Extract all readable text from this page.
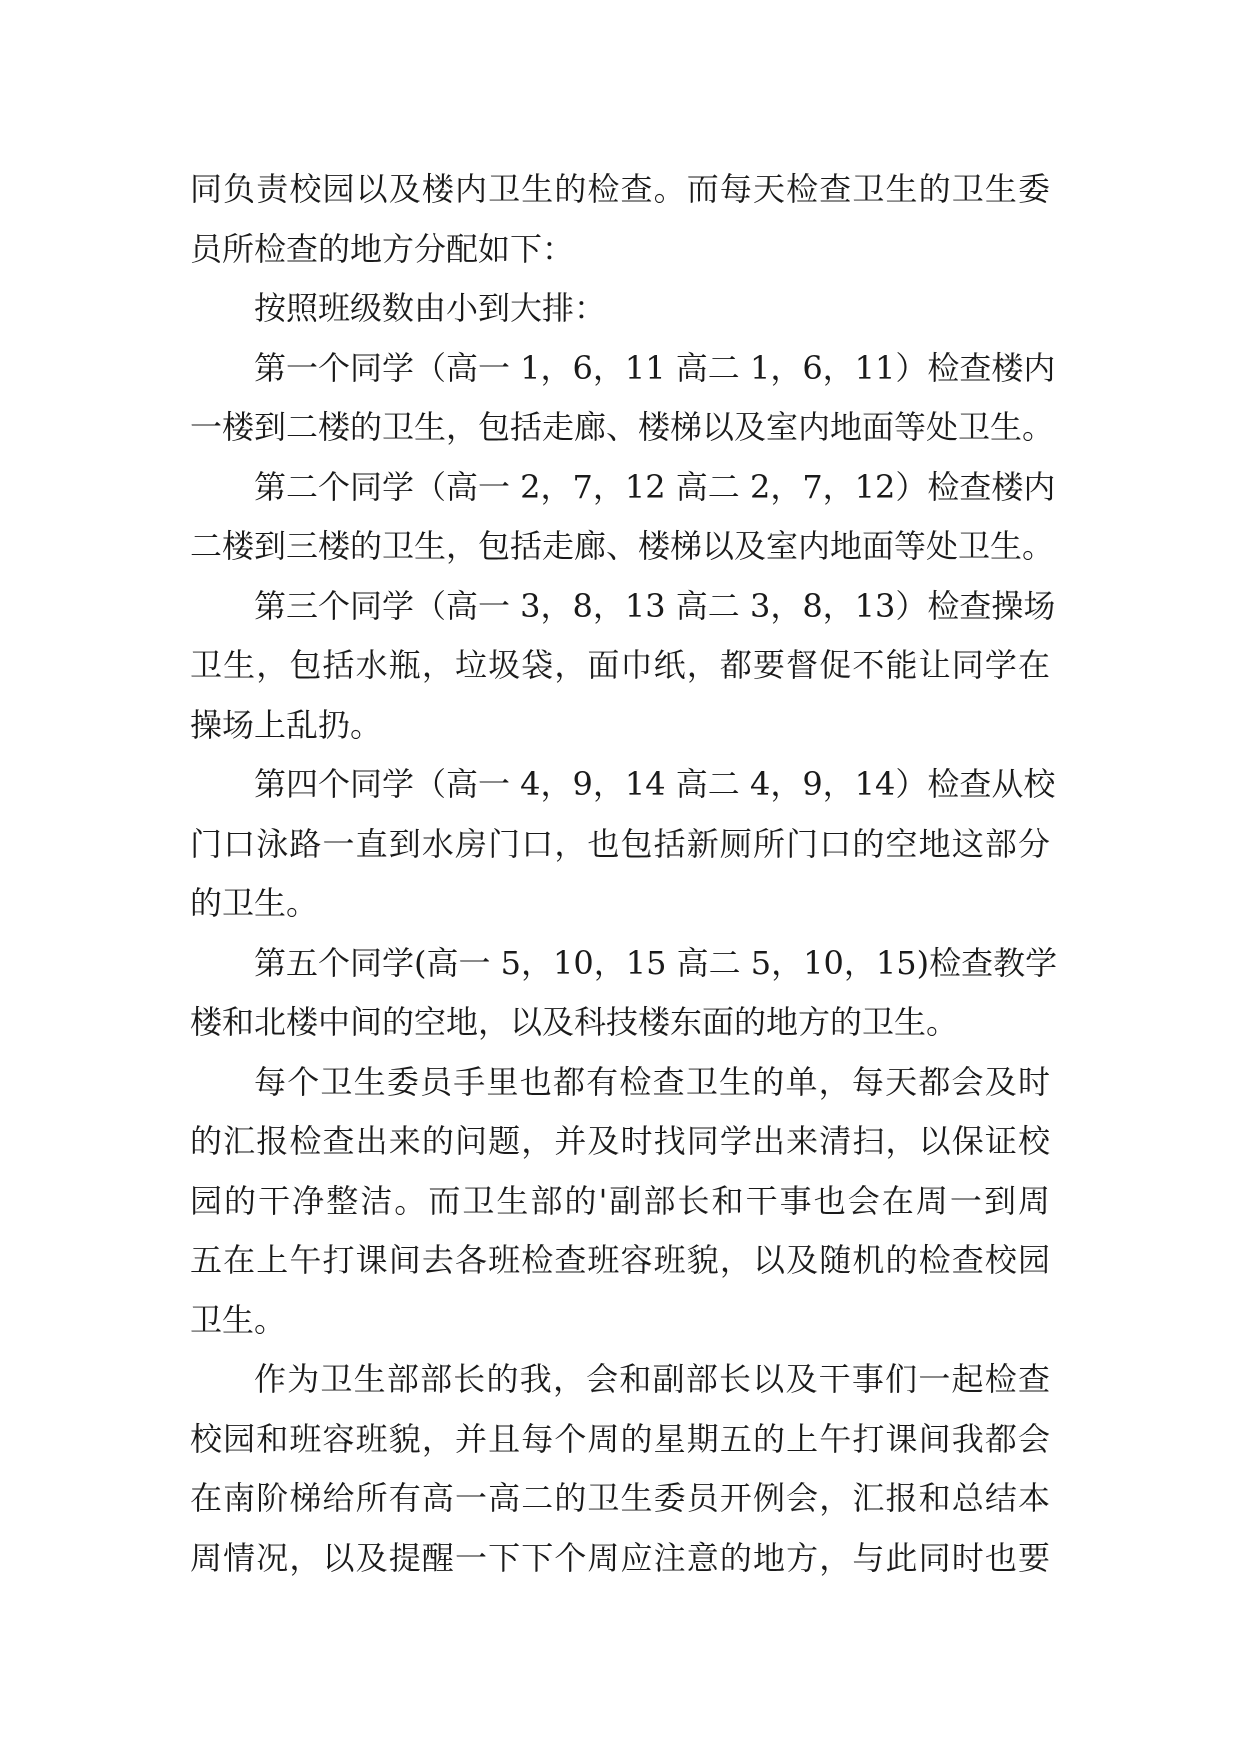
同负责校园以及楼内卫生的检查。而每天检查卫生的卫生委
员所检查的地方分配如下：
按照班级数由小到大排：
第一个同学（高一 1，6，11 高二 1，6，11）检查楼内
一楼到二楼的卫生，包括走廊、楼梯以及室内地面等处卫生。
第二个同学（高一 2，7，12 高二 2，7，12）检查楼内
二楼到三楼的卫生，包括走廊、楼梯以及室内地面等处卫生。
第三个同学（高一 3，8，13 高二 3，8，13）检查操场
卫生，包括水瓶，垃圾袋，面巾纸，都要督促不能让同学在
操场上乱扔。
第四个同学（高一 4，9，14 高二 4，9，14）检查从校
门口泳路一直到水房门口，也包括新厕所门口的空地这部分
的卫生。
第五个同学(高一 5，10，15 高二 5，10，15)检查教学
楼和北楼中间的空地，以及科技楼东面的地方的卫生。
每个卫生委员手里也都有检查卫生的单，每天都会及时
的汇报检查出来的问题，并及时找同学出来清扫，以保证校
园的干净整洁。而卫生部的'副部长和干事也会在周一到周
五在上午打课间去各班检查班容班貌，以及随机的检查校园
卫生。
作为卫生部部长的我，会和副部长以及干事们一起检查
校园和班容班貌，并且每个周的星期五的上午打课间我都会
在南阶梯给所有高一高二的卫生委员开例会，汇报和总结本
周情况，以及提醒一下下个周应注意的地方，与此同时也要
